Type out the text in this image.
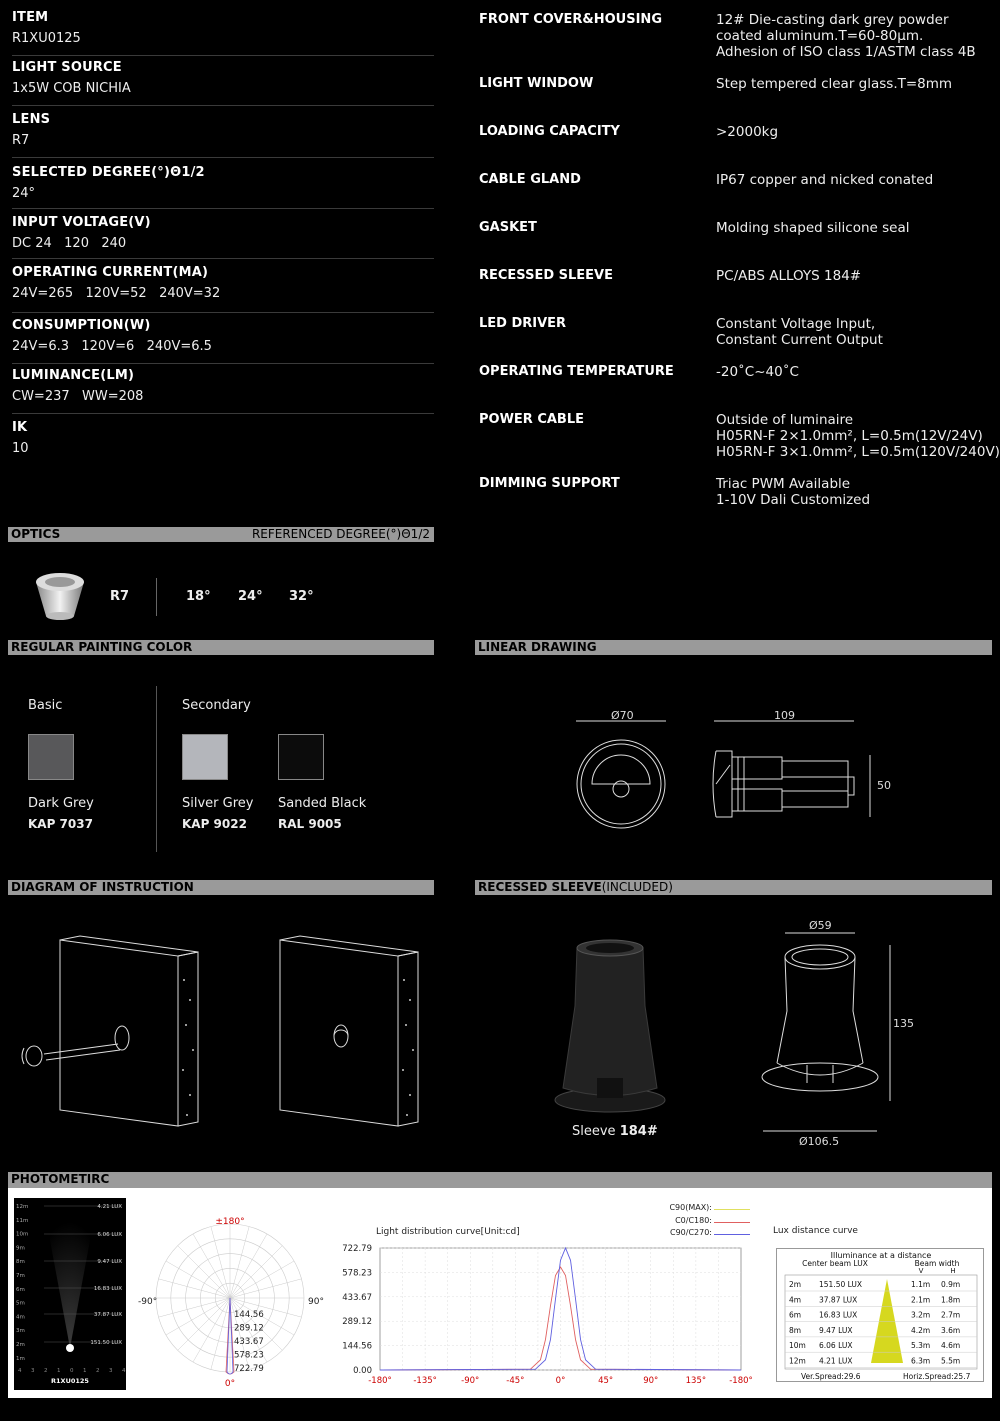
ITEM
R1XU0125
LIGHT SOURCE
1x5W COB NICHIA
LENS
R7
SELECTED DEGREE(°)Θ1/2
24°
INPUT VOLTAGE(V)
DC 24   120   240
OPERATING CURRENT(MA)
24V=265   120V=52   240V=32
CONSUMPTION(W)
24V=6.3   120V=6   240V=6.5
LUMINANCE(LM)
CW=237   WW=208
IK
10
FRONT COVER&HOUSING	12# Die-casting dark grey powder
coated aluminum.T=60-80μm.
Adhesion of ISO class 1/ASTM class 4B
LIGHT WINDOW	Step tempered clear glass.T=8mm
LOADING CAPACITY	>2000kg
CABLE GLAND	IP67 copper and nicked conated
GASKET	Molding shaped silicone seal
RECESSED SLEEVE	PC/ABS ALLOYS 184#
LED DRIVER	Constant Voltage Input,
Constant Current Output
OPERATING TEMPERATURE	-20˚C~40˚C
POWER CABLE	Outside of luminaire
H05RN-F 2×1.0mm², L=0.5m(12V/24V)
H05RN-F 3×1.0mm², L=0.5m(120V/240V)
DIMMING SUPPORT	Triac PWM Available
1-10V Dali Customized
OPTICS	REFERENCED DEGREE(°)Θ1/2
R7	18° 24° 32°
REGULAR PAINTING COLOR
Basic	Secondary
Dark Grey
KAP 7037
Silver Grey
KAP 9022
Sanded Black
RAL 9005
LINEAR DRAWING
Ø70	109
50
DIAGRAM OF INSTRUCTION	RECESSED SLEEVE(INCLUDED)
Sleeve 184#
Ø59
135
Ø106.5
PHOTOMETIRC
12m
11m
10m
9m
8m
7m
6m
5m
4m
3m
2m
1m
4.21 LUX
6.06 LUX
9.47 LUX
16.83 LUX
37.87 LUX
151.50 LUX
4 3 2 1 0 1 2 3 4
R1XU0125
±180°
-90°	90°
0°
144.56
289.12
433.67
578.23
722.79
C90(MAX):
C0/C180:
C90/C270:
Light distribution curve[Unit:cd]
722.79
578.23
433.67
289.12
144.56
0.00
-180°	-135°	-90°	-45°	0°	45°	90°	135°	-180°
Lux distance curve
Illuminance at a distance
Center beam LUX	Beam width
V	H
2m 151.50 LUX	1.1m 0.9m
4m 37.87 LUX	2.1m 1.8m
6m 16.83 LUX	3.2m 2.7m
8m 9.47 LUX	4.2m 3.6m
10m 6.06 LUX	5.3m 4.6m
12m 4.21 LUX	6.3m 5.5m
Ver.Spread:29.6	Horiz.Spread:25.7
